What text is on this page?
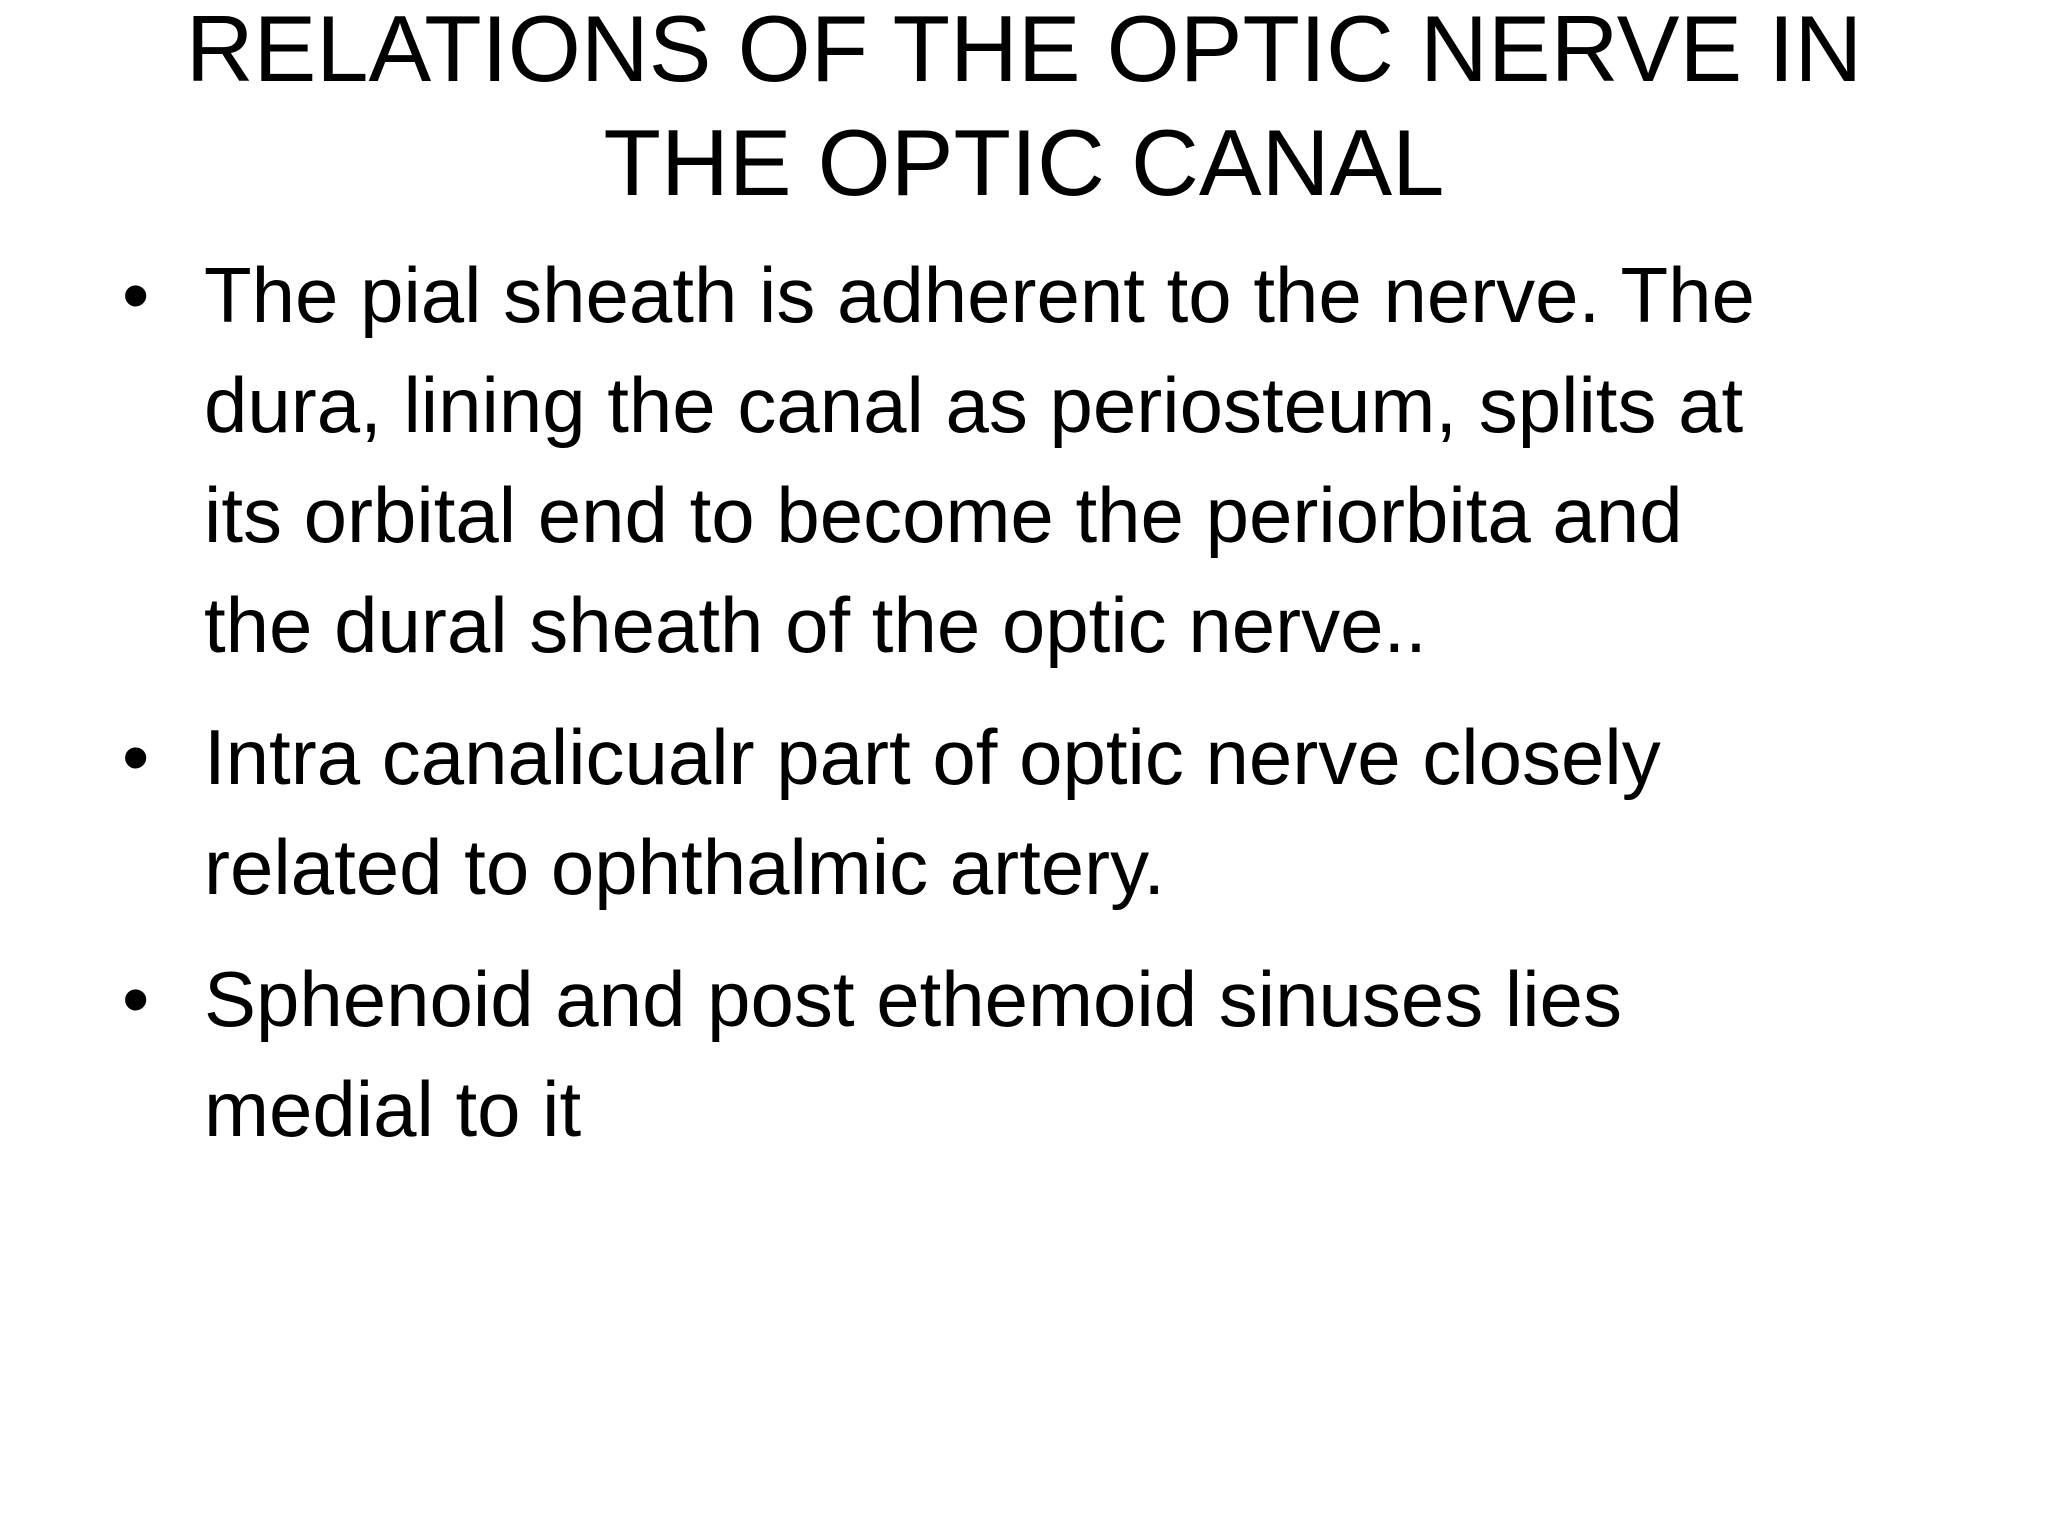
RELATIONS OF THE OPTIC NERVE IN
THE OPTIC CANAL
• The pial sheath is adherent to the nerve. The
dura, lining the canal as periosteum, splits at
its orbital end to become the periorbita and
the dural sheath of the optic nerve..
• Intra canalicualr part of optic nerve closely
related to ophthalmic artery.
• Sphenoid and post ethemoid sinuses lies
medial to it
